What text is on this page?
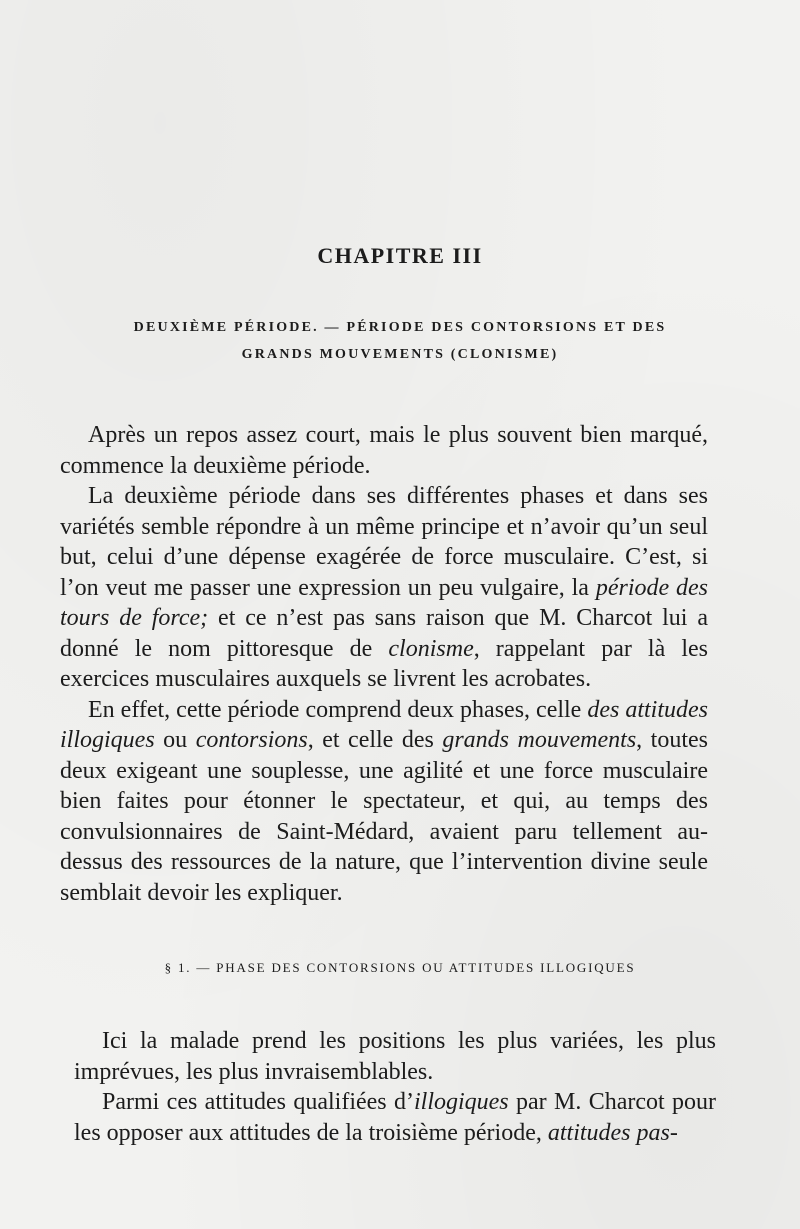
CHAPITRE III
DEUXIÈME PÉRIODE. — PÉRIODE DES CONTORSIONS ET DES
GRANDS MOUVEMENTS (CLONISME)

Après un repos assez court, mais le plus souvent bien marqué, commence la deuxième période.

La deuxième période dans ses différentes phases et dans ses variétés semble répondre à un même principe et n’avoir qu’un seul but, celui d’une dépense exagérée de force musculaire. C’est, si l’on veut me passer une expression un peu vulgaire, la période des tours de force; et ce n’est pas sans raison que M. Charcot lui a donné le nom pittoresque de clonisme, rappelant par là les exercices musculaires auxquels se livrent les acrobates.

En effet, cette période comprend deux phases, celle des attitudes illogiques ou contorsions, et celle des grands mouvements, toutes deux exigeant une souplesse, une agilité et une force musculaire bien faites pour étonner le spectateur, et qui, au temps des convulsionnaires de Saint-Médard, avaient paru tellement au-dessus des ressources de la nature, que l’intervention divine seule semblait devoir les expliquer.

§ 1. — PHASE DES CONTORSIONS OU ATTITUDES ILLOGIQUES

Ici la malade prend les positions les plus variées, les plus imprévues, les plus invraisemblables.

Parmi ces attitudes qualifiées d’illogiques par M. Charcot pour les opposer aux attitudes de la troisième période, attitudes pas-
